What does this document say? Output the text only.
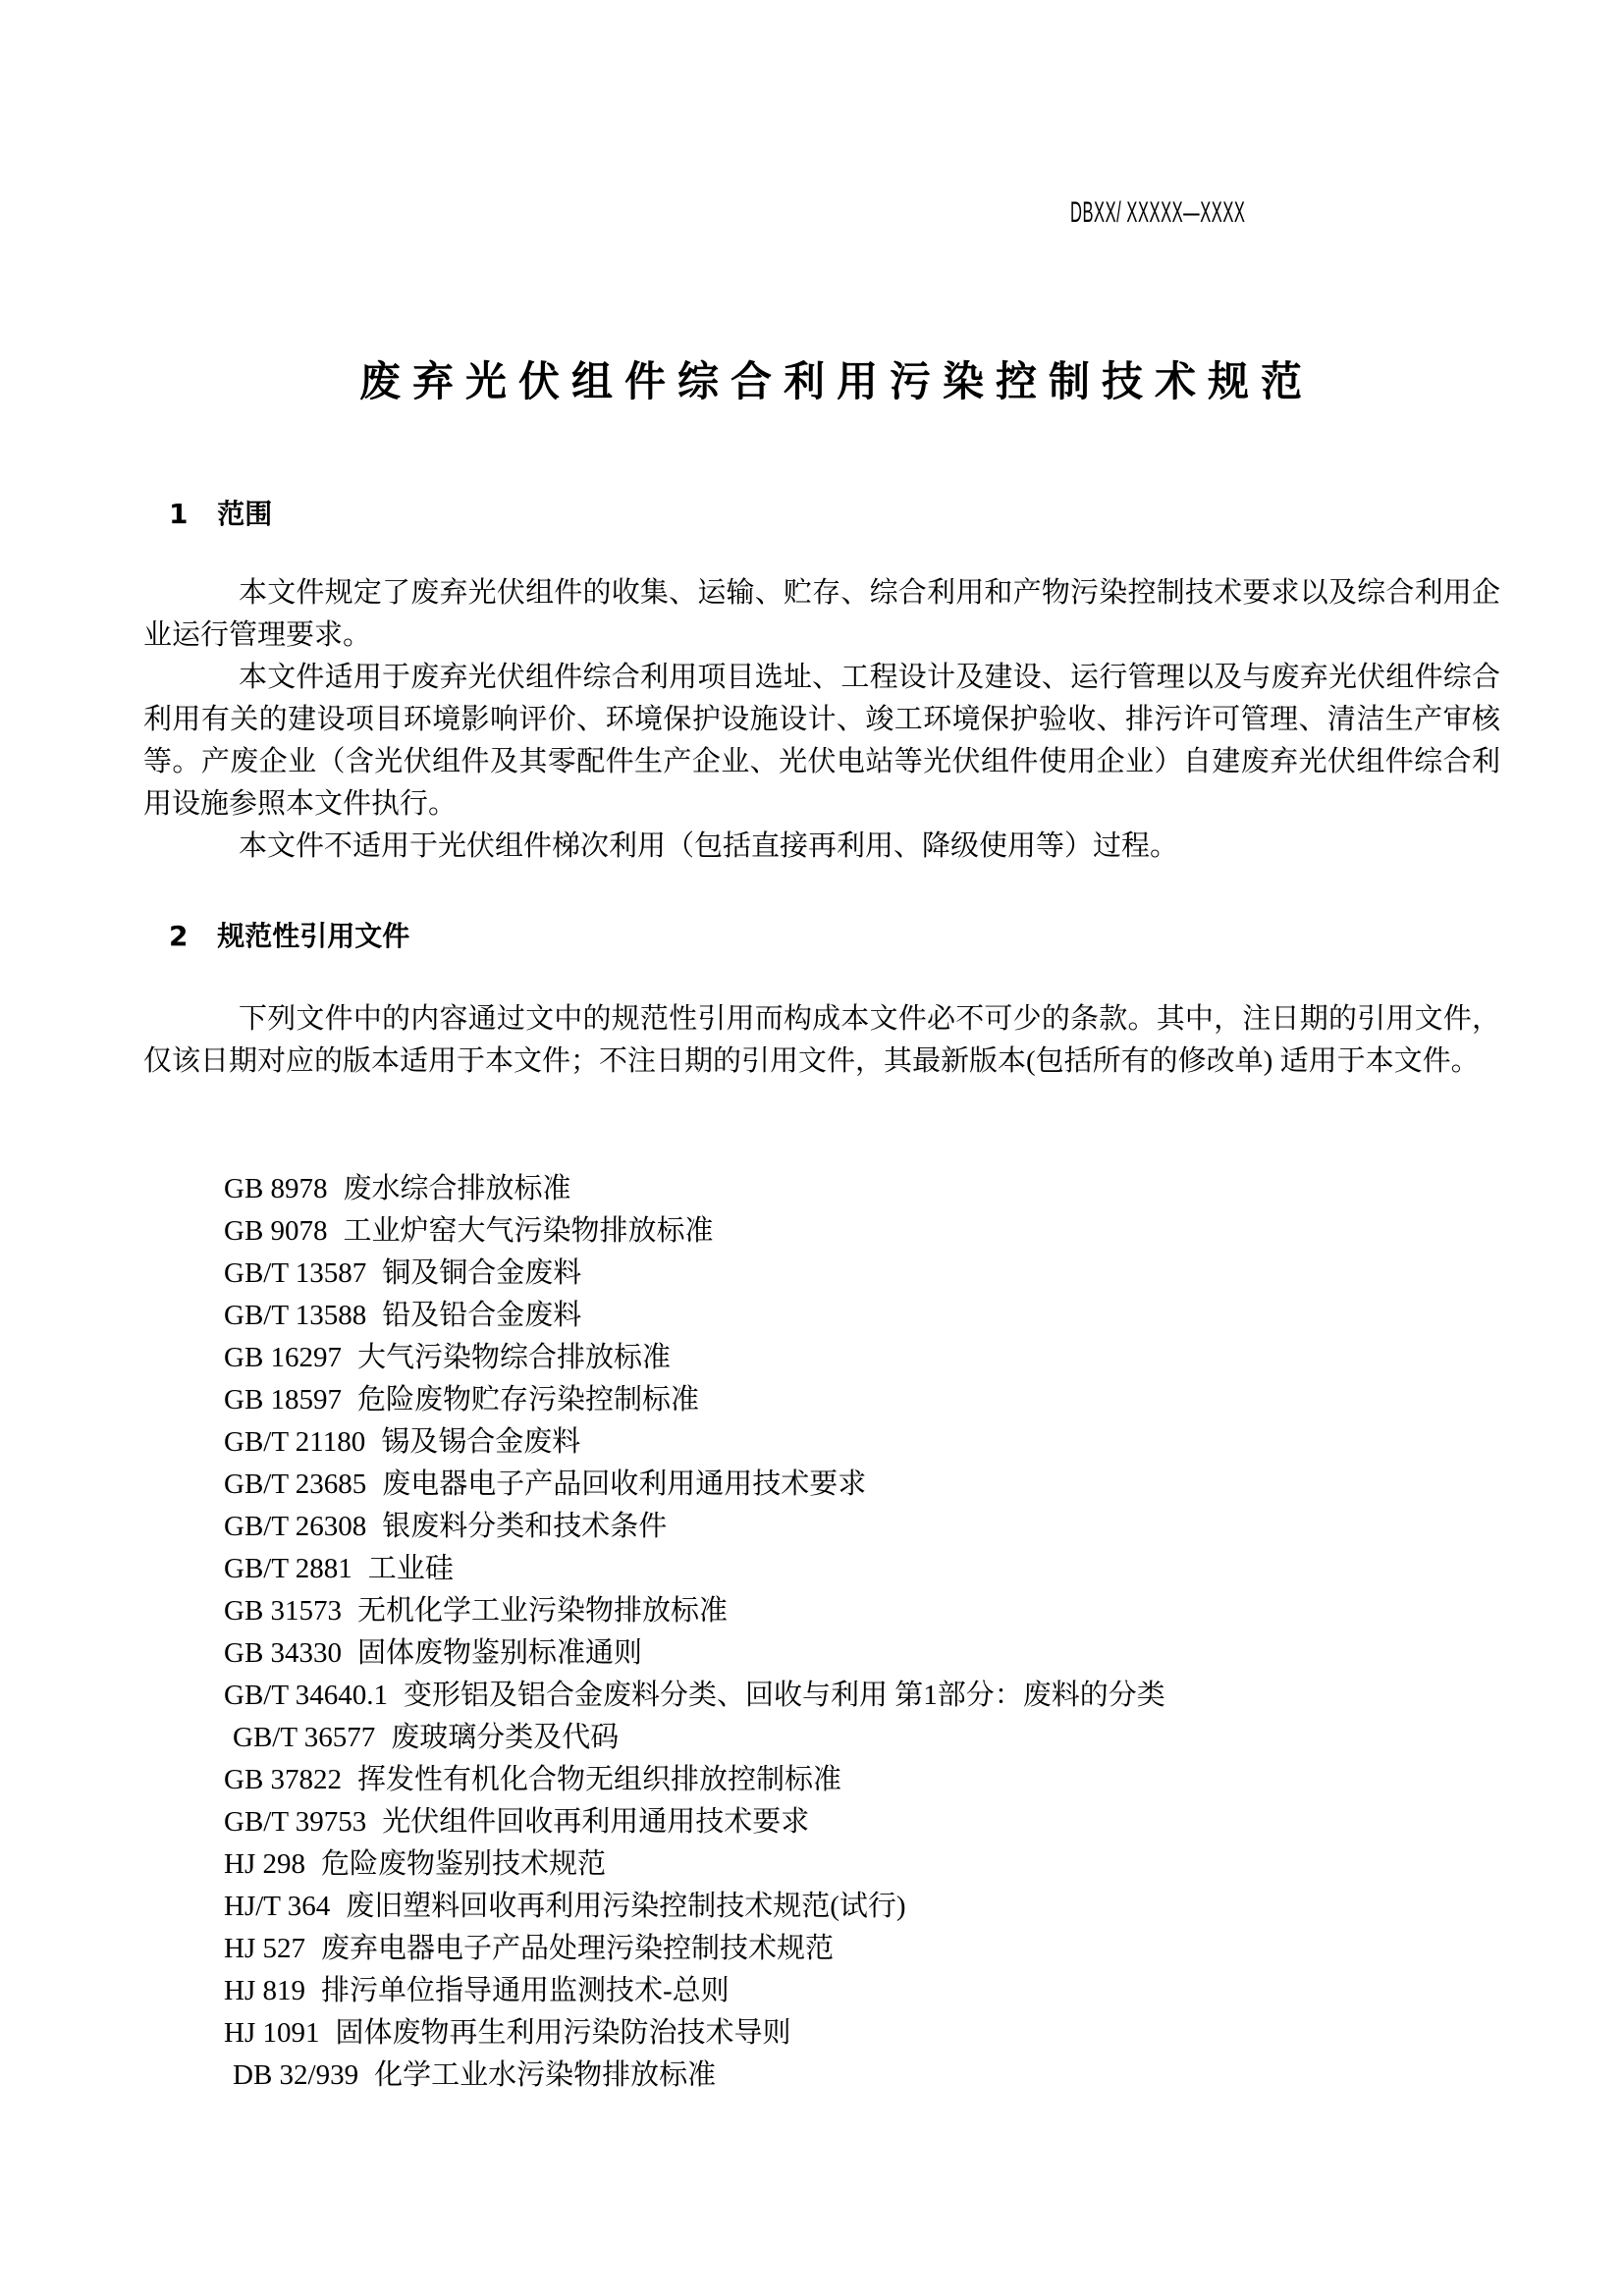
DBXX/ XXXXX—XXXX
废弃光伏组件综合利用污染控制技术规范
1 范围

本文件规定了废弃光伏组件的收集、运输、贮存、综合利用和产物污染控制技术要求以及综合利用企业运行管理要求。

本文件适用于废弃光伏组件综合利用项目选址、工程设计及建设、运行管理以及与废弃光伏组件综合利用有关的建设项目环境影响评价、环境保护设施设计、竣工环境保护验收、排污许可管理、清洁生产审核等。产废企业（含光伏组件及其零配件生产企业、光伏电站等光伏组件使用企业）自建废弃光伏组件综合利用设施参照本文件执行。

本文件不适用于光伏组件梯次利用（包括直接再利用、降级使用等）过程。

2 规范性引用文件

下列文件中的内容通过文中的规范性引用而构成本文件必不可少的条款。其中，注日期的引用文件，仅该日期对应的版本适用于本文件；不注日期的引用文件，其最新版本(包括所有的修改单) 适用于本文件。

GB 8978 废水综合排放标准
GB 9078 工业炉窑大气污染物排放标准
GB/T 13587 铜及铜合金废料
GB/T 13588 铅及铅合金废料
GB 16297 大气污染物综合排放标准
GB 18597 危险废物贮存污染控制标准
GB/T 21180 锡及锡合金废料
GB/T 23685 废电器电子产品回收利用通用技术要求
GB/T 26308 银废料分类和技术条件
GB/T 2881 工业硅
GB 31573 无机化学工业污染物排放标准
GB 34330 固体废物鉴别标准通则
GB/T 34640.1 变形铝及铝合金废料分类、回收与利用 第1部分：废料的分类
GB/T 36577 废玻璃分类及代码
GB 37822 挥发性有机化合物无组织排放控制标准
GB/T 39753 光伏组件回收再利用通用技术要求
HJ 298 危险废物鉴别技术规范
HJ/T 364 废旧塑料回收再利用污染控制技术规范(试行)
HJ 527 废弃电器电子产品处理污染控制技术规范
HJ 819 排污单位指导通用监测技术-总则
HJ 1091 固体废物再生利用污染防治技术导则
DB 32/939 化学工业水污染物排放标准
